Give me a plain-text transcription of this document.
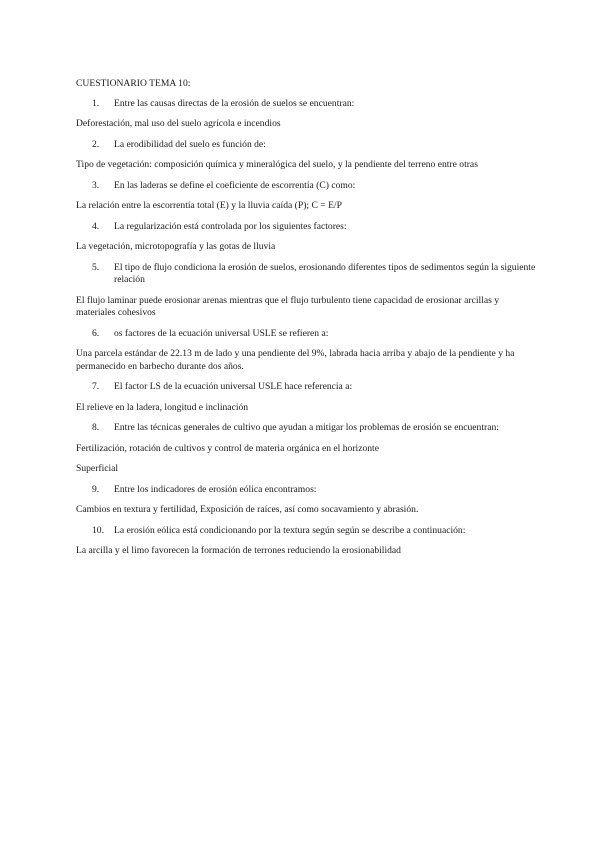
CUESTIONARIO TEMA 10:
1.	Entre las causas directas de la erosión de suelos se encuentran:
Deforestación, mal uso del suelo agrícola e incendios
2.	La erodibilidad del suelo es función de:
Tipo de vegetación: composición química y mineralógica del suelo, y la pendiente del terreno entre otras
3.	En las laderas se define el coeficiente de escorrentía (C) como:
La relación entre la escorrentía total (E) y la lluvia caída (P); C = E/P
4.	La regularización está controlada por los siguientes factores:
La vegetación, microtopografía y las gotas de lluvia
5.	El tipo de flujo condiciona la erosión de suelos, erosionando diferentes tipos de sedimentos según la siguiente relación
El flujo laminar puede erosionar arenas mientras que el flujo turbulento tiene capacidad de erosionar arcillas y materiales cohesivos
6.	os factores de la ecuación universal USLE se refieren a:
Una parcela estándar de 22.13 m de lado y una pendiente del 9%, labrada hacia arriba y abajo de la pendiente y ha permanecido en barbecho durante dos años.
7.	El factor LS de la ecuación universal USLE hace referencia a:
El relieve en la ladera, longitud e inclinación
8.	Entre las técnicas generales de cultivo que ayudan a mitigar los problemas de erosión se encuentran:
Fertilización, rotación de cultivos y control de materia orgánica en el horizonte
Superficial
9.	Entre los indicadores de erosión eólica encontramos:
Cambios en textura y fertilidad, Exposición de raíces, así como socavamiento y abrasión.
10.	La erosión eólica está condicionando por la textura según según se describe a continuación:
La arcilla y el limo favorecen la formación de terrones reduciendo la erosionabilidad
